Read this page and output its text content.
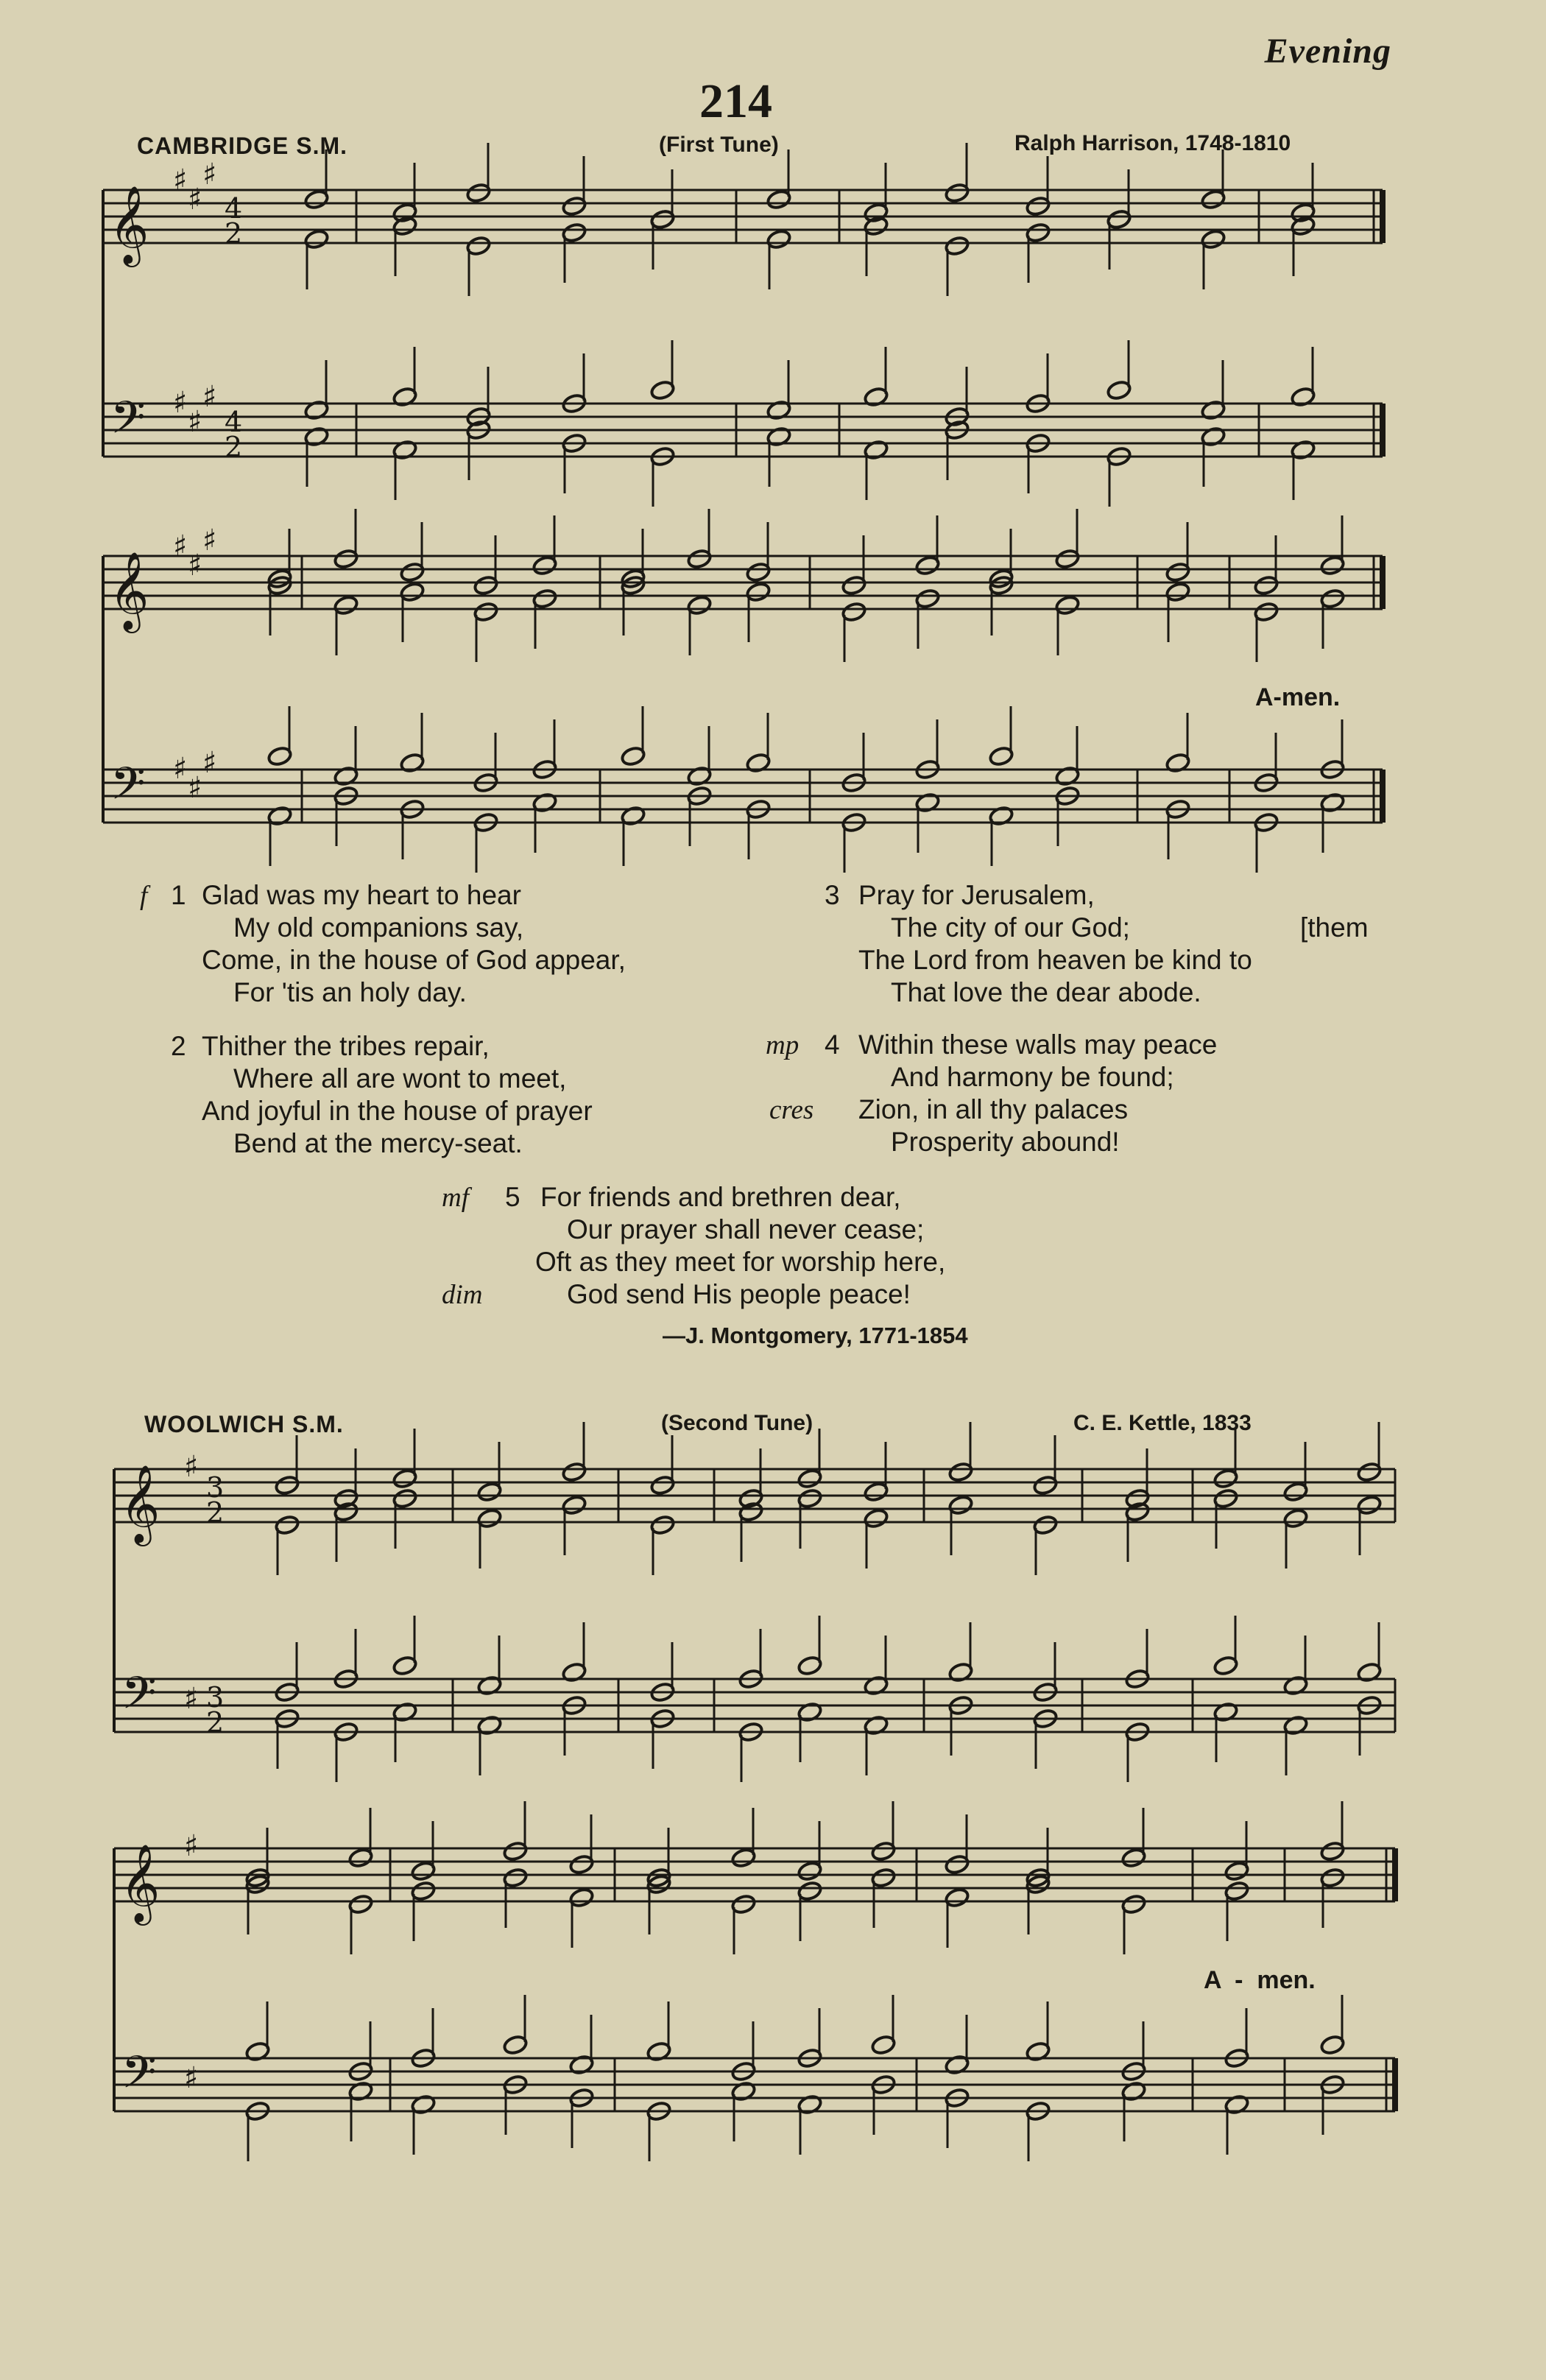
Evening
214
CAMBRIDGE S.M.	(First Tune)	Ralph Harrison, 1748-1810
𝄞
𝄢
♯
♯
♯
♯
♯
♯
4
2
4
2
𝄞
𝄢
♯
♯
♯
♯
♯
♯
𝄞
𝄢
♯
♯
3
2
3
2
𝄞
𝄢
♯
♯
A-men.
f 1 Glad was my heart to hear
My old companions say,
Come, in the house of God appear,
For 'tis an holy day.
2 Thither the tribes repair,
Where all are wont to meet,
And joyful in the house of prayer
Bend at the mercy-seat.
3 Pray for Jerusalem,
The city of our God;	[them
The Lord from heaven be kind to
That love the dear abode.
mp 4 Within these walls may peace
And harmony be found;
cres Zion, in all thy palaces
Prosperity abound!
mf 5 For friends and brethren dear,
Our prayer shall never cease;
Oft as they meet for worship here,
dim	God send His people peace!
—J. Montgomery, 1771-1854
WOOLWICH S.M.	(Second Tune)	C. E. Kettle, 1833
A  -  men.
